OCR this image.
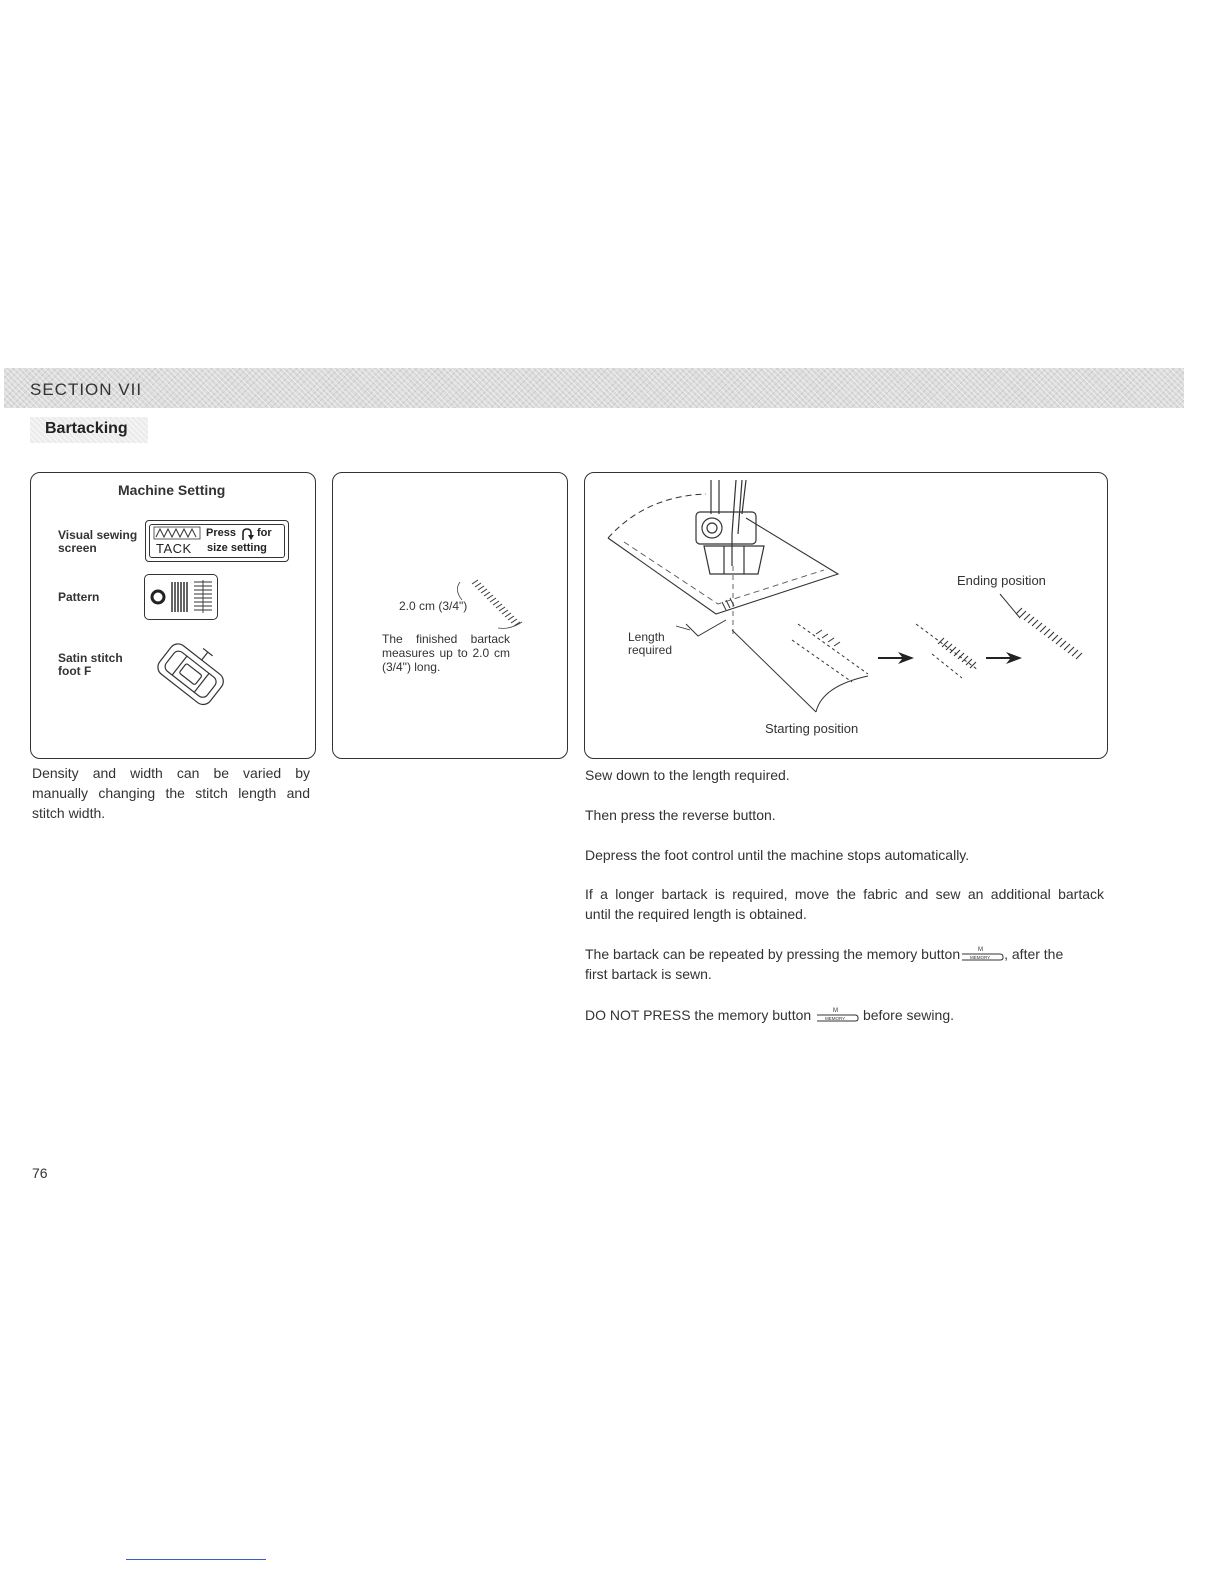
SECTION VII
Bartacking
Machine Setting
Visual sewing
screen	TACK
Press for
size setting
Pattern
Satin stitch
foot F
2.0 cm (3/4")
The finished bartack
measures up to 2.0 cm
(3/4") long.
Ending position
Length
required
Starting position
Density and width can be varied by
manually changing the stitch length and
stitch width.
Sew down to the length required.
Then press the reverse button.
Depress the foot control until the machine stops automatically.
If a longer bartack is required, move the fabric and sew an additional bartack
until the required length is obtained.
The bartack can be repeated by pressing the memory button	M
MEMORY , after the
first bartack is sewn.
DO NOT PRESS the memory button	M
MEMORY before sewing.
76
